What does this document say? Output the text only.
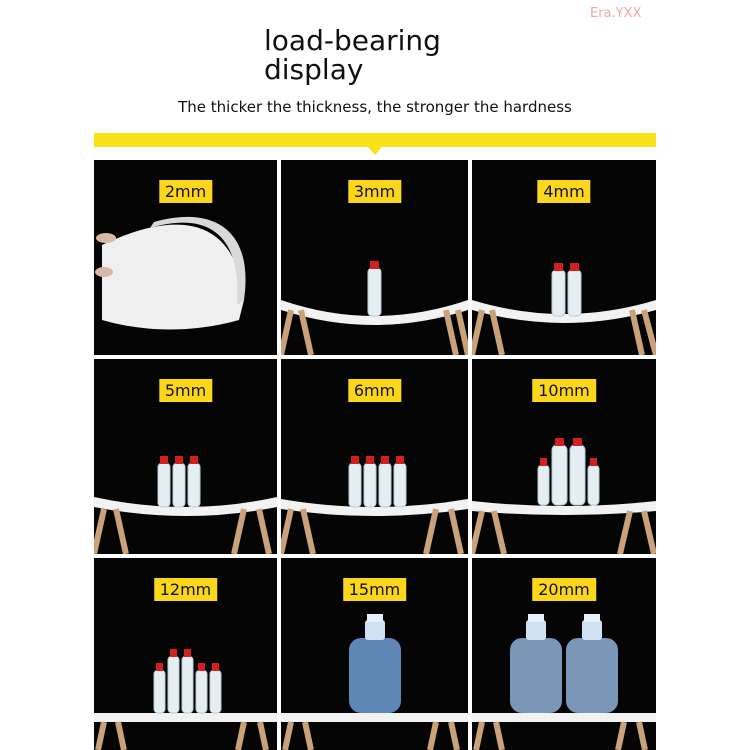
Era.YXX
load-bearing
display
The thicker the thickness, the stronger the hardness
2mm	3mm	4mm
5mm	6mm	10mm
12mm	15mm	20mm
